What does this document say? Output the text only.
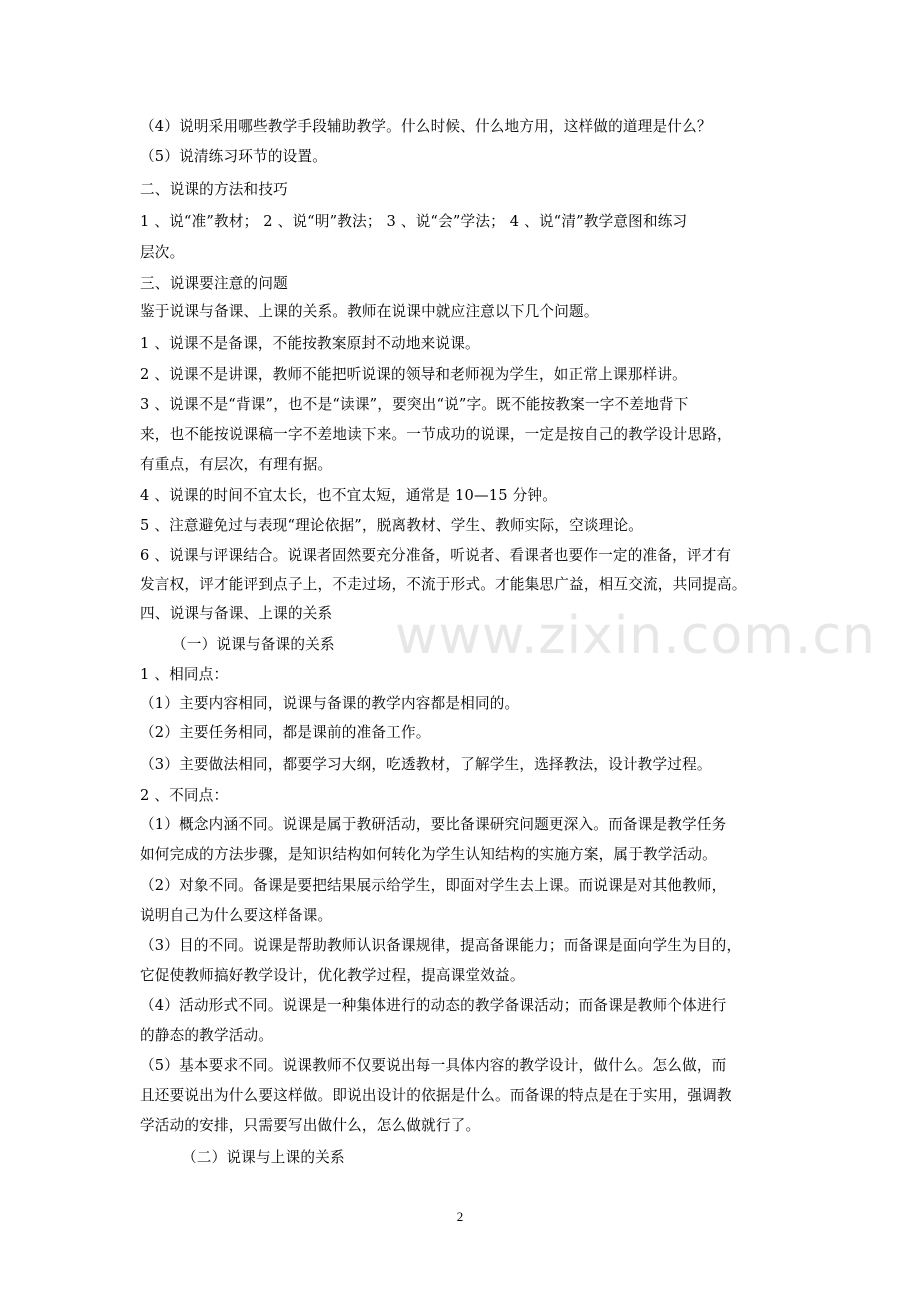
（4）说明采用哪些教学手段辅助教学。什么时候、什么地方用，这样做的道理是什么？
（5）说清练习环节的设置。
二、说课的方法和技巧
1 、说“准”教材； 2 、说“明”教法； 3 、说“会”学法； 4 、说“清”教学意图和练习
层次。
三、说课要注意的问题
鉴于说课与备课、上课的关系。教师在说课中就应注意以下几个问题。
1 、说课不是备课，不能按教案原封不动地来说课。
2 、说课不是讲课，教师不能把听说课的领导和老师视为学生，如正常上课那样讲。
3 、说课不是“背课”，也不是“读课”，要突出“说”字。既不能按教案一字不差地背下
来，也不能按说课稿一字不差地读下来。一节成功的说课，一定是按自己的教学设计思路，
有重点，有层次，有理有据。
4 、说课的时间不宜太长，也不宜太短，通常是 10—15 分钟。
5 、注意避免过与表现“理论依据”，脱离教材、学生、教师实际，空谈理论。
6 、说课与评课结合。说课者固然要充分准备，听说者、看课者也要作一定的准备，评才有
发言权，评才能评到点子上，不走过场，不流于形式。才能集思广益，相互交流，共同提高。
四、说课与备课、上课的关系
（一）说课与备课的关系
1 、相同点：
（1）主要内容相同，说课与备课的教学内容都是相同的。
（2）主要任务相同，都是课前的准备工作。
（3）主要做法相同，都要学习大纲，吃透教材，了解学生，选择教法，设计教学过程。
2 、不同点：
（1）概念内涵不同。说课是属于教研活动，要比备课研究问题更深入。而备课是教学任务
如何完成的方法步骤，是知识结构如何转化为学生认知结构的实施方案，属于教学活动。
（2）对象不同。备课是要把结果展示给学生，即面对学生去上课。而说课是对其他教师，
说明自己为什么要这样备课。
（3）目的不同。说课是帮助教师认识备课规律，提高备课能力；而备课是面向学生为目的，
它促使教师搞好教学设计，优化教学过程，提高课堂效益。
（4）活动形式不同。说课是一种集体进行的动态的教学备课活动；而备课是教师个体进行
的静态的教学活动。
（5）基本要求不同。说课教师不仅要说出每一具体内容的教学设计，做什么。怎么做，而
且还要说出为什么要这样做。即说出设计的依据是什么。而备课的特点是在于实用，强调教
学活动的安排，只需要写出做什么，怎么做就行了。
（二）说课与上课的关系
www.zixin.com.cn
2
